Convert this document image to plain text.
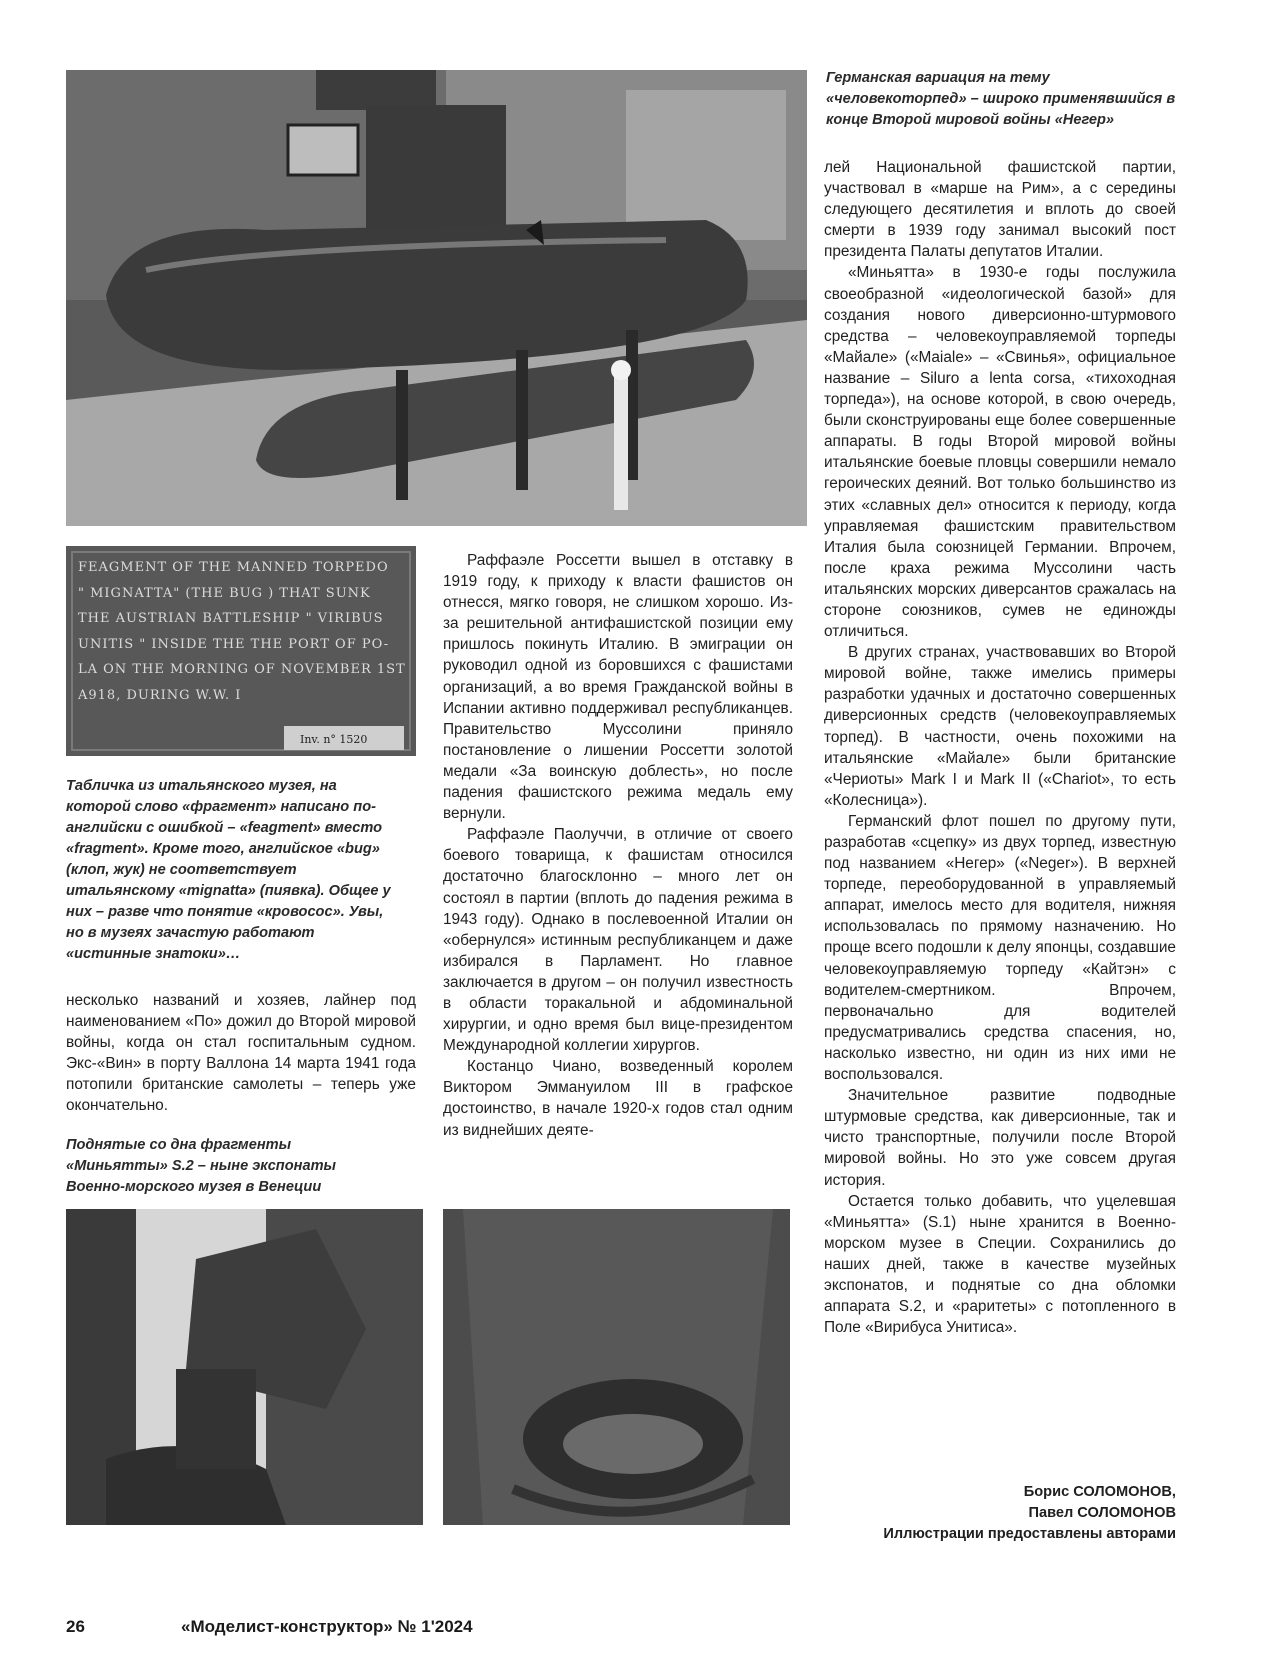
Германская вариация на тему «человекоторпед» – широко применявшийся в конце Второй мировой войны «Негер»
FEAGMENT OF THE MANNED TORPEDO
" MIGNATTA" (THE BUG ) THAT SUNK
THE AUSTRIAN BATTLESHIP " VIRIBUS
UNITIS " INSIDE THE THE PORT OF PO-
LA ON THE MORNING OF NOVEMBER 1ST
A918, DURING W.W. I
Inv. n° 1520
Табличка из итальянского музея, на которой слово «фрагмент» написано по-английски с ошибкой – «feagment» вместо «fragment». Кроме того, английское «bug» (клоп, жук) не соответствует итальянскому «mignatta» (пиявка). Общее у них – разве что понятие «кровосос». Увы, но в музеях зачастую работают «истинные знатоки»…

несколько названий и хозяев, лайнер под наименованием «По» дожил до Второй мировой войны, когда он стал госпитальным судном. Экс-«Вин» в порту Валлона 14 марта 1941 года потопили британские самолеты – теперь уже окончательно.

Поднятые со дна фрагменты «Миньятты» S.2 – ныне экспонаты Военно-морского музея в Венеции

Раффаэле Россетти вышел в отставку в 1919 году, к приходу к власти фашистов он отнесся, мягко говоря, не слишком хорошо. Из-за решительной антифашистской позиции ему пришлось покинуть Италию. В эмиграции он руководил одной из боровшихся с фашистами организаций, а во время Гражданской войны в Испании активно поддерживал республиканцев. Правительство Муссолини приняло постановление о лишении Россетти золотой медали «За воинскую доблесть», но после падения фашистского режима медаль ему вернули.

Раффаэле Паолуччи, в отличие от своего боевого товарища, к фашистам относился достаточно благосклонно – много лет он состоял в партии (вплоть до падения режима в 1943 году). Однако в послевоенной Италии он «обернулся» истинным республиканцем и даже избирался в Парламент. Но главное заключается в другом – он получил известность в области торакальной и абдоминальной хирургии, и одно время был вице-президентом Международной коллегии хирургов.

Костанцо Чиано, возведенный королем Виктором Эммануилом III в графское достоинство, в начале 1920-х годов стал одним из виднейших деяте-

лей Национальной фашистской партии, участвовал в «марше на Рим», а с середины следующего десятилетия и вплоть до своей смерти в 1939 году занимал высокий пост президента Палаты депутатов Италии.

«Миньятта» в 1930-е годы послужила своеобразной «идеологической базой» для создания нового диверсионно-штурмового средства – человекоуправляемой торпеды «Майале» («Maiale» – «Свинья», официальное название – Siluro a lenta corsa, «тихоходная торпеда»), на основе которой, в свою очередь, были сконструированы еще более совершенные аппараты. В годы Второй мировой войны итальянские боевые пловцы совершили немало героических деяний. Вот только большинство из этих «славных дел» относится к периоду, когда управляемая фашистским правительством Италия была союзницей Германии. Впрочем, после краха режима Муссолини часть итальянских морских диверсантов сражалась на стороне союзников, сумев не единожды отличиться.

В других странах, участвовавших во Второй мировой войне, также имелись примеры разработки удачных и достаточно совершенных диверсионных средств (человекоуправляемых торпед). В частности, очень похожими на итальянские «Майале» были британские «Чериоты» Mark I и Mark II («Chariot», то есть «Колесница»).

Германский флот пошел по другому пути, разработав «сцепку» из двух торпед, известную под названием «Негер» («Neger»). В верхней торпеде, переоборудованной в управляемый аппарат, имелось место для водителя, нижняя использовалась по прямому назначению. Но проще всего подошли к делу японцы, создавшие человекоуправляемую торпеду «Кайтэн» с водителем-смертником. Впрочем, первоначально для водителей предусматривались средства спасения, но, насколько известно, ни один из них ими не воспользовался.

Значительное развитие подводные штурмовые средства, как диверсионные, так и чисто транспортные, получили после Второй мировой войны. Но это уже совсем другая история.

Остается только добавить, что уцелевшая «Миньятта» (S.1) ныне хранится в Военно-морском музее в Специи. Сохранились до наших дней, также в качестве музейных экспонатов, и поднятые со дна обломки аппарата S.2, и «раритеты» с потопленного в Поле «Вирибуса Унитиса».

Борис СОЛОМОНОВ,
Павел СОЛОМОНОВ
Иллюстрации предоставлены авторами
26	«Моделист-конструктор» № 1'2024
